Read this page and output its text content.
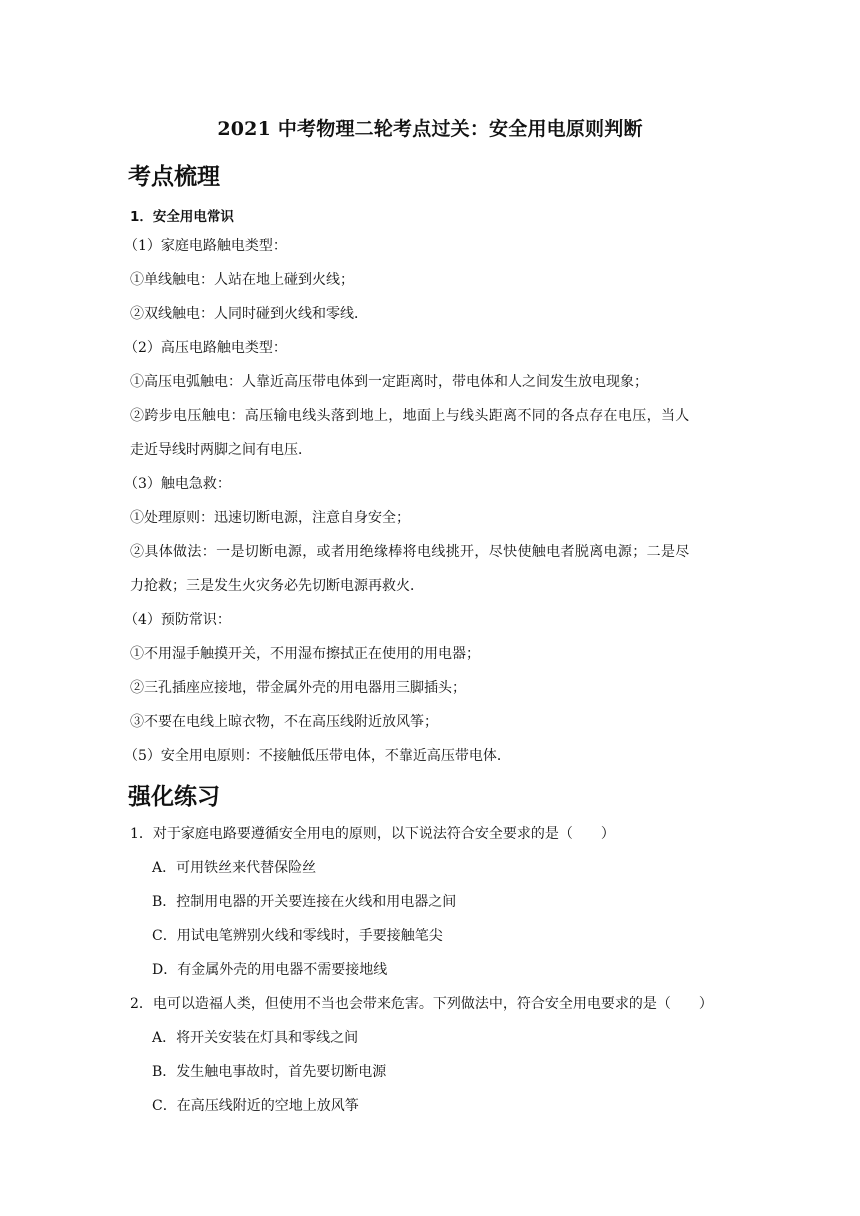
2021 中考物理二轮考点过关：安全用电原则判断
考点梳理
1．安全用电常识
（1）家庭电路触电类型：
①单线触电：人站在地上碰到火线；
②双线触电：人同时碰到火线和零线．
（2）高压电路触电类型：
①高压电弧触电：人靠近高压带电体到一定距离时，带电体和人之间发生放电现象；
②跨步电压触电：高压输电线头落到地上，地面上与线头距离不同的各点存在电压，当人
走近导线时两脚之间有电压．
（3）触电急救：
①处理原则：迅速切断电源，注意自身安全；
②具体做法：一是切断电源，或者用绝缘棒将电线挑开，尽快使触电者脱离电源；二是尽
力抢救；三是发生火灾务必先切断电源再救火．
（4）预防常识：
①不用湿手触摸开关，不用湿布擦拭正在使用的用电器；
②三孔插座应接地，带金属外壳的用电器用三脚插头；
③不要在电线上晾衣物，不在高压线附近放风筝；
（5）安全用电原则：不接触低压带电体，不靠近高压带电体．
强化练习
1．对于家庭电路要遵循安全用电的原则，以下说法符合安全要求的是（　　）
A．可用铁丝来代替保险丝
B．控制用电器的开关要连接在火线和用电器之间
C．用试电笔辨别火线和零线时，手要接触笔尖
D．有金属外壳的用电器不需要接地线
2．电可以造福人类，但使用不当也会带来危害。下列做法中，符合安全用电要求的是（　　）
A．将开关安装在灯具和零线之间
B．发生触电事故时，首先要切断电源
C．在高压线附近的空地上放风筝
